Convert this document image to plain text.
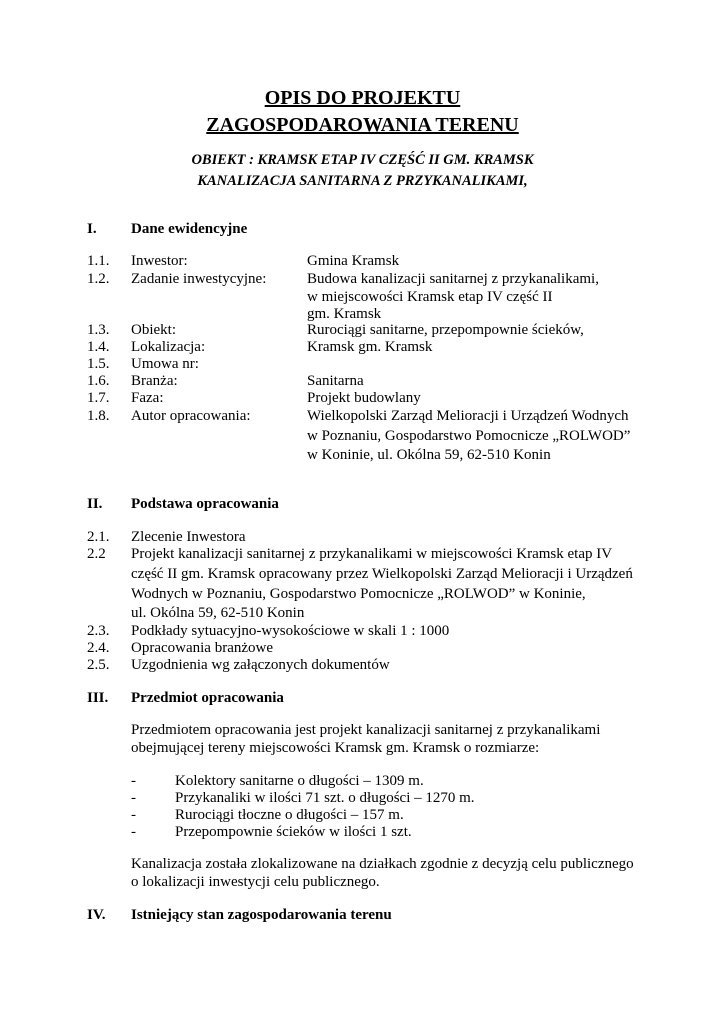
OPIS DO PROJEKTU
ZAGOSPODAROWANIA TERENU
OBIEKT : KRAMSK ETAP IV CZĘŚĆ II GM. KRAMSK
KANALIZACJA SANITARNA Z PRZYKANALIKAMI,
I. Dane ewidencyjne
1.1. Inwestor:	Gmina Kramsk
1.2. Zadanie inwestycyjne:	Budowa kanalizacji sanitarnej z przykanalikami,
w miejscowości Kramsk etap IV część II
gm. Kramsk
1.3. Obiekt:	Rurociągi sanitarne, przepompownie ścieków,
1.4. Lokalizacja:	Kramsk gm. Kramsk
1.5. Umowa nr:
1.6. Branża:	Sanitarna
1.7. Faza:	Projekt budowlany
1.8. Autor opracowania:	Wielkopolski Zarząd Melioracji i Urządzeń Wodnych
w Poznaniu, Gospodarstwo Pomocnicze „ROLWOD”
w Koninie, ul. Okólna 59, 62-510 Konin
II. Podstawa opracowania
2.1. Zlecenie Inwestora
2.2 Projekt kanalizacji sanitarnej z przykanalikami w miejscowości Kramsk etap IV
część II gm. Kramsk opracowany przez Wielkopolski Zarząd Melioracji i Urządzeń
Wodnych w Poznaniu, Gospodarstwo Pomocnicze „ROLWOD” w Koninie,
ul. Okólna 59, 62-510 Konin
2.3. Podkłady sytuacyjno-wysokościowe w skali 1 : 1000
2.4. Opracowania branżowe
2.5. Uzgodnienia wg załączonych dokumentów
III. Przedmiot opracowania
Przedmiotem opracowania jest projekt kanalizacji sanitarnej z przykanalikami
obejmującej tereny miejscowości Kramsk gm. Kramsk o rozmiarze:
-	Kolektory sanitarne o długości – 1309 m.
-	Przykanaliki w ilości 71 szt. o długości – 1270 m.
-	Rurociągi tłoczne o długości – 157 m.
-	Przepompownie ścieków w ilości 1 szt.
Kanalizacja została zlokalizowane na działkach zgodnie z decyzją celu publicznego
o lokalizacji inwestycji celu publicznego.
IV. Istniejący stan zagospodarowania terenu
